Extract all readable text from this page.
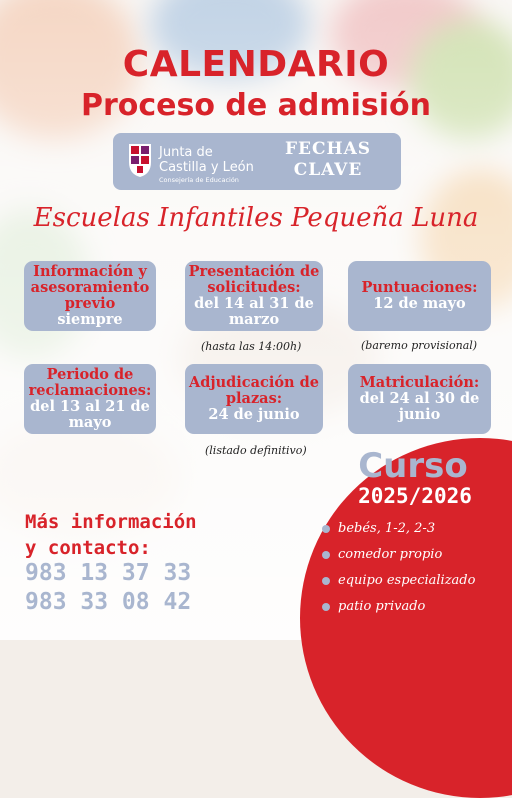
CALENDARIO
Proceso de admisión
Junta de
Castilla y León
Consejería de Educación
FECHAS
CLAVE
Escuelas Infantiles Pequeña Luna
Información y asesoramiento previo
siempre
Presentación de solicitudes:
del 14 al 31 de marzo
Puntuaciones:
12 de mayo
(hasta las 14:00h)	(baremo provisional)
Periodo de reclamaciones:
del 13 al 21 de mayo
Adjudicación de plazas:
24 de junio
Matriculación:
del 24 al 30 de junio
(listado definitivo)	Curso
2025/2026
bebés, 1-2, 2-3
comedor propio
equipo especializado
patio privado
Más información
y contacto:
983 13 37 33
983 33 08 42
